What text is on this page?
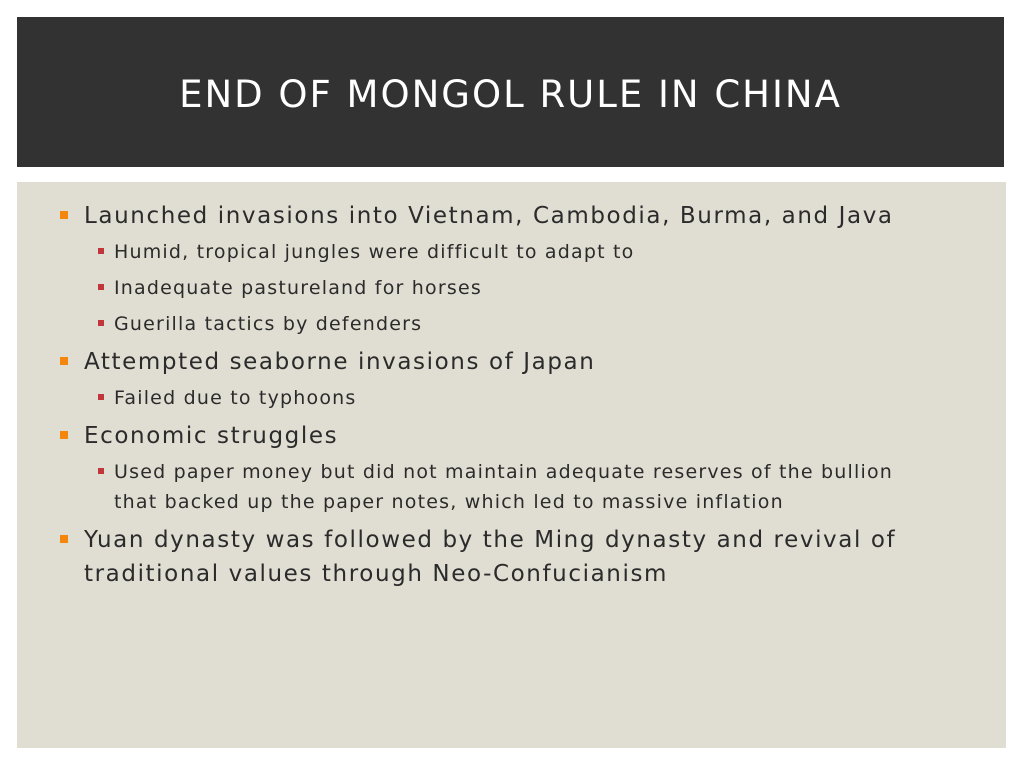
END OF MONGOL RULE IN CHINA
Launched invasions into Vietnam, Cambodia, Burma, and Java
Humid, tropical jungles were difficult to adapt to
Inadequate pastureland for horses
Guerilla tactics by defenders
Attempted seaborne invasions of Japan
Failed due to typhoons
Economic struggles
Used paper money but did not maintain adequate reserves of the bullion that backed up the paper notes, which led to massive inflation
Yuan dynasty was followed by the Ming dynasty and revival of traditional values through Neo-Confucianism
